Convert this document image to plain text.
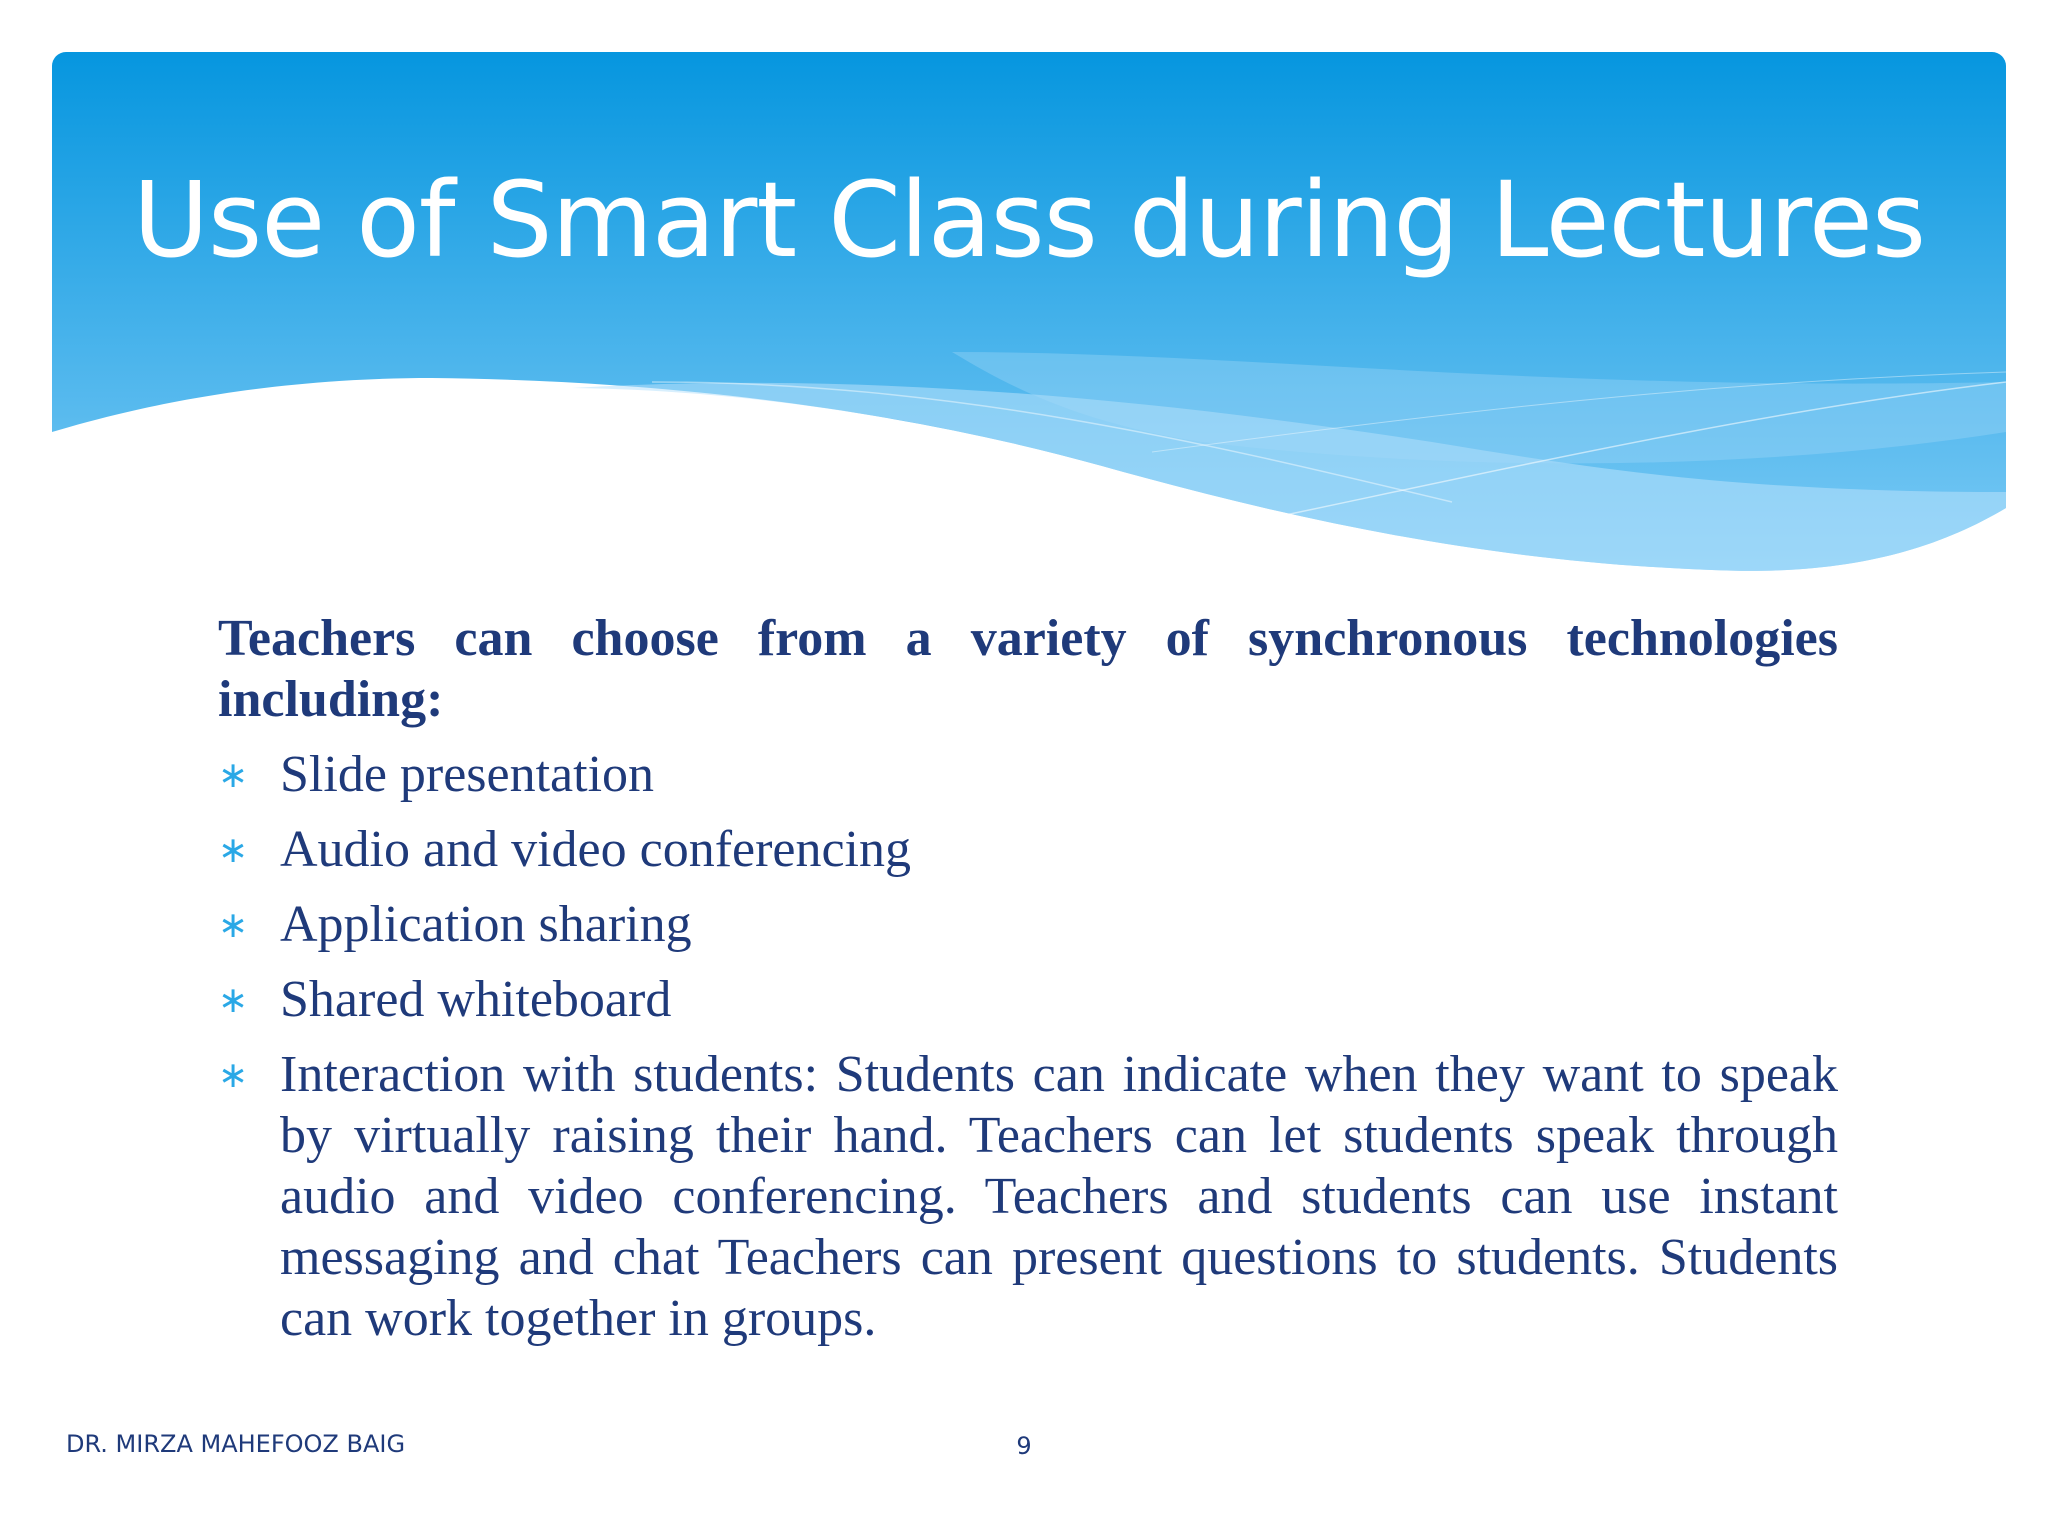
Use of Smart Class during Lectures

Teachers can choose from a variety of synchronous technologies including:

∗ Slide presentation
∗ Audio and video conferencing
∗ Application sharing
∗ Shared whiteboard
∗ Interaction with students: Students can indicate when they want to speak by virtually raising their hand. Teachers can let students speak through audio and video conferencing. Teachers and students can use instant messaging and chat Teachers can present questions to students. Students can work together in groups.
DR. MIRZA MAHEFOOZ BAIG	9
